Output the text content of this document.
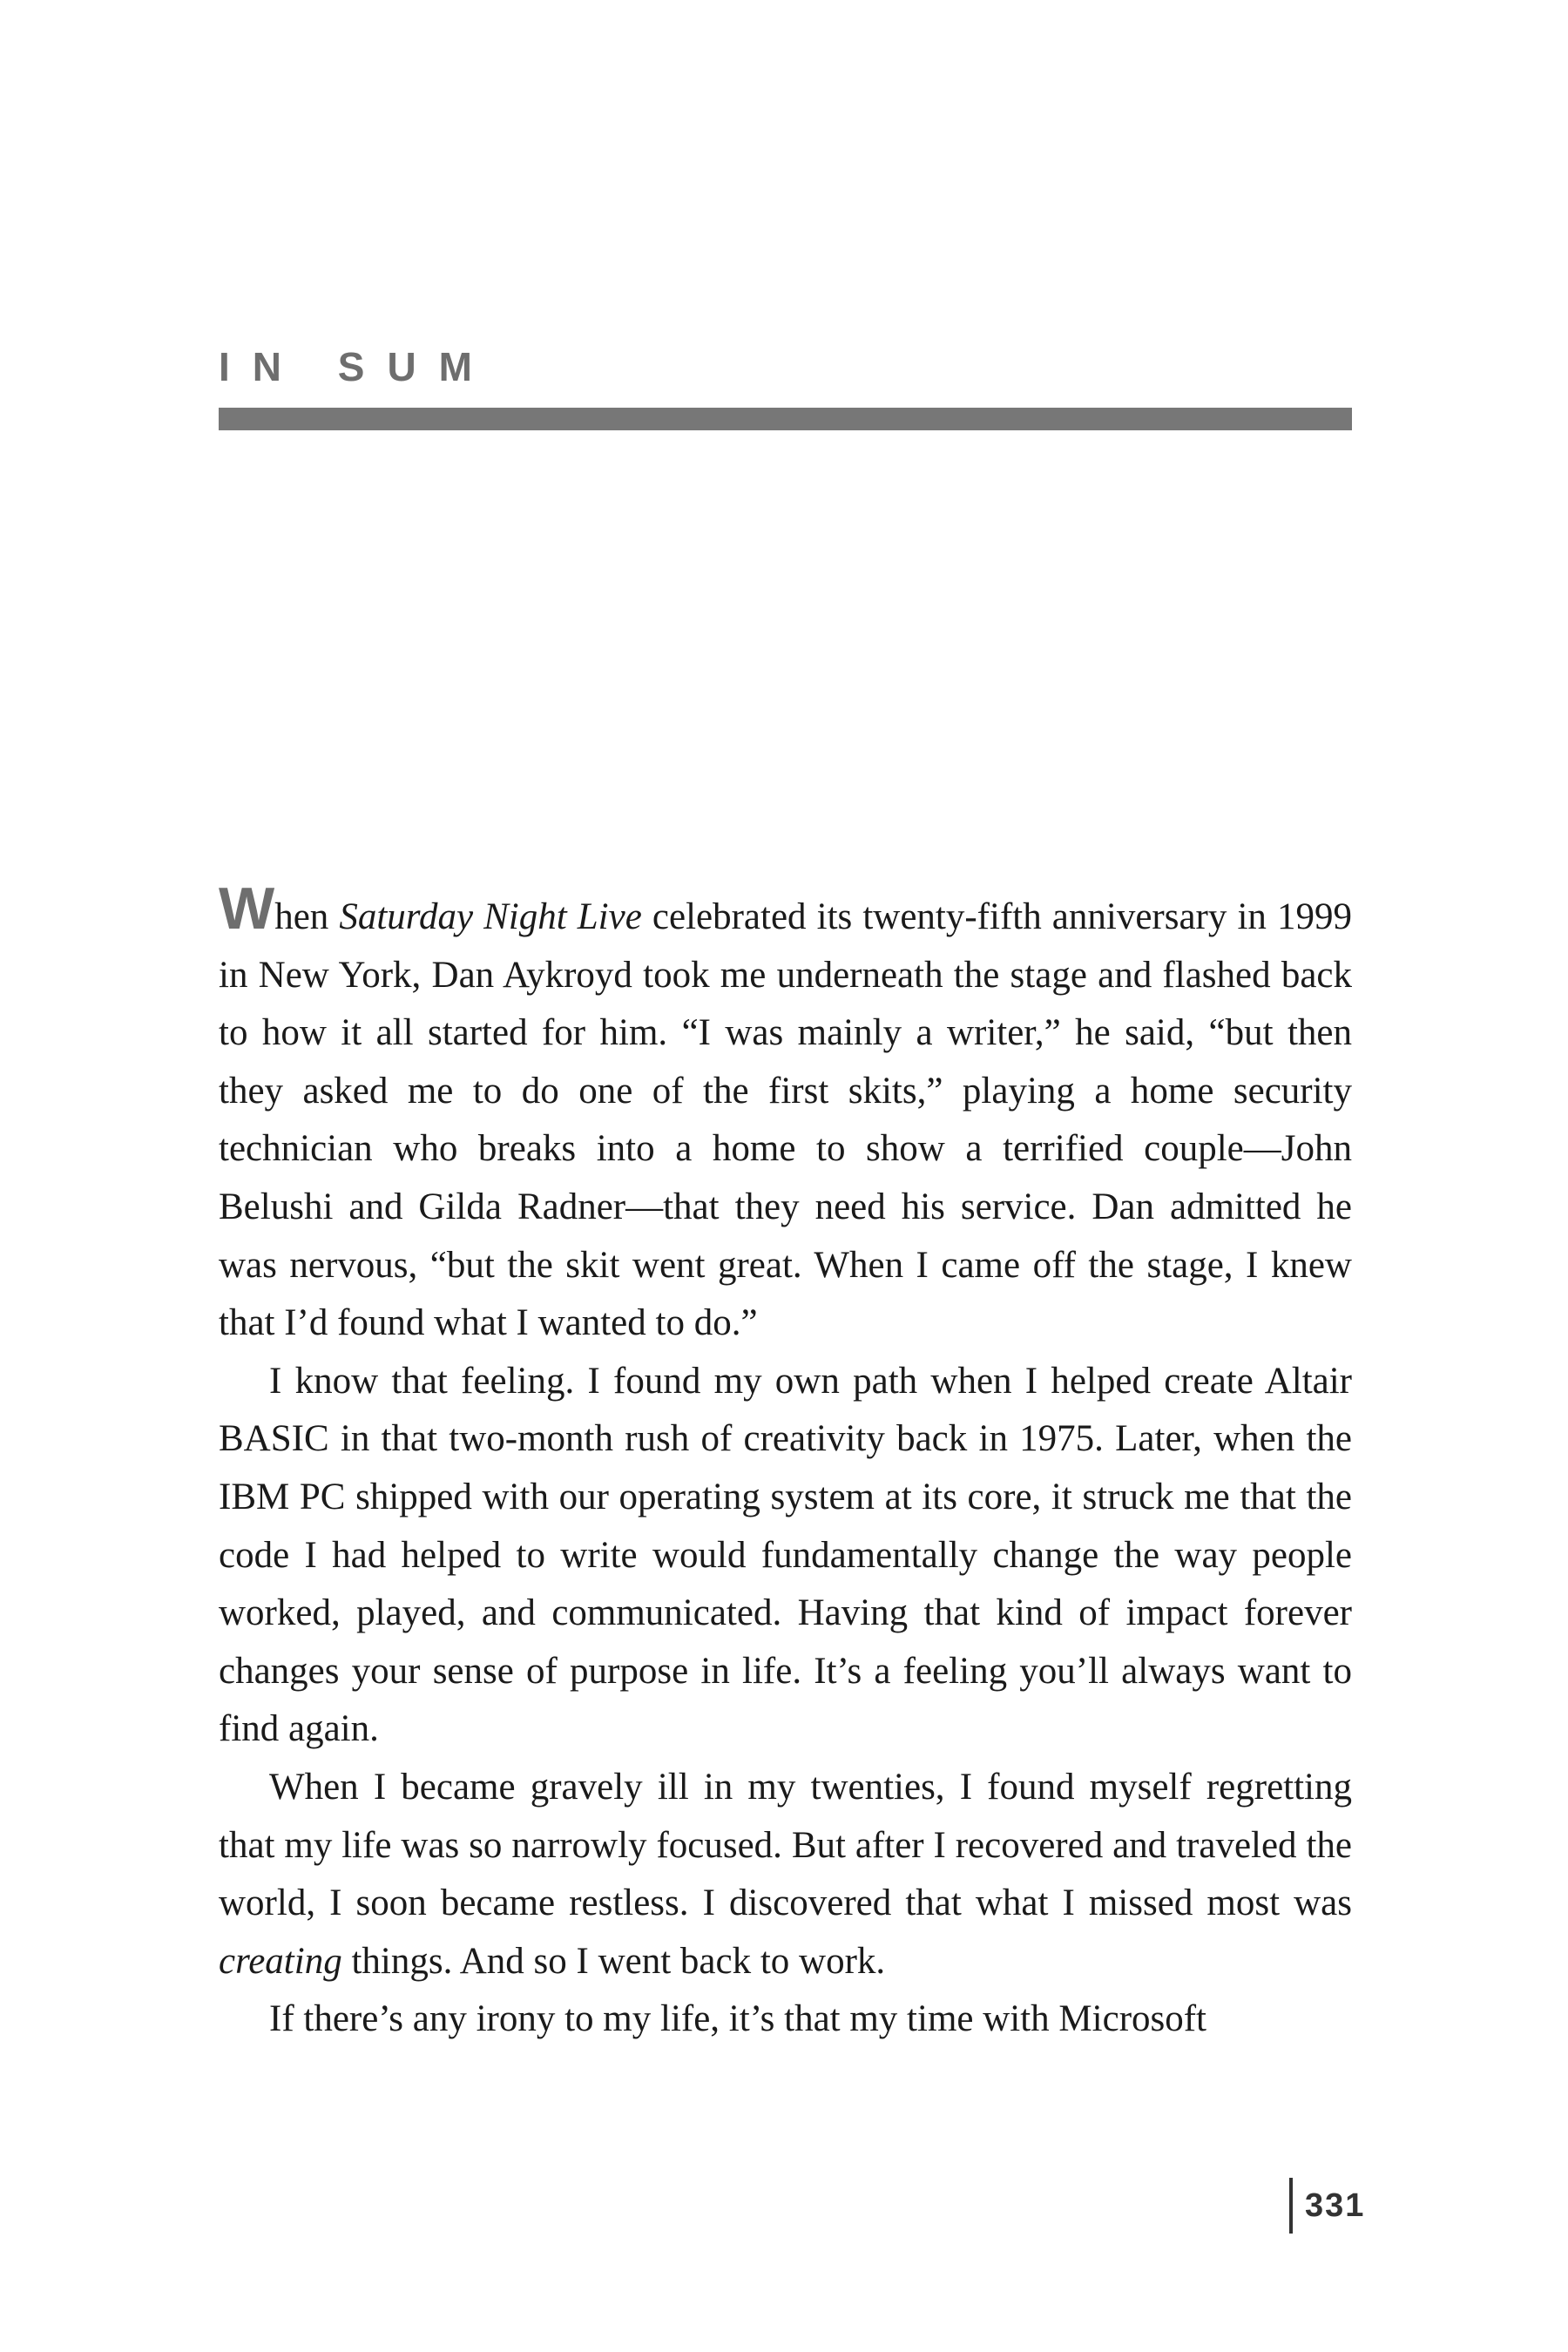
IN SUM

When Saturday Night Live celebrated its twenty-fifth anniversary in 1999 in New York, Dan Aykroyd took me underneath the stage and flashed back to how it all started for him. “I was mainly a writer,” he said, “but then they asked me to do one of the first skits,” playing a home security technician who breaks into a home to show a terrified couple—John Belushi and Gilda Radner—that they need his service. Dan admitted he was nervous, “but the skit went great. When I came off the stage, I knew that I’d found what I wanted to do.”

I know that feeling. I found my own path when I helped create Altair BASIC in that two-month rush of creativity back in 1975. Later, when the IBM PC shipped with our operating system at its core, it struck me that the code I had helped to write would fundamentally change the way people worked, played, and communicated. Having that kind of impact forever changes your sense of purpose in life. It’s a feeling you’ll always want to find again.

When I became gravely ill in my twenties, I found myself regretting that my life was so narrowly focused. But after I recovered and traveled the world, I soon became restless. I discovered that what I missed most was creating things. And so I went back to work.

If there’s any irony to my life, it’s that my time with Microsoft

331
